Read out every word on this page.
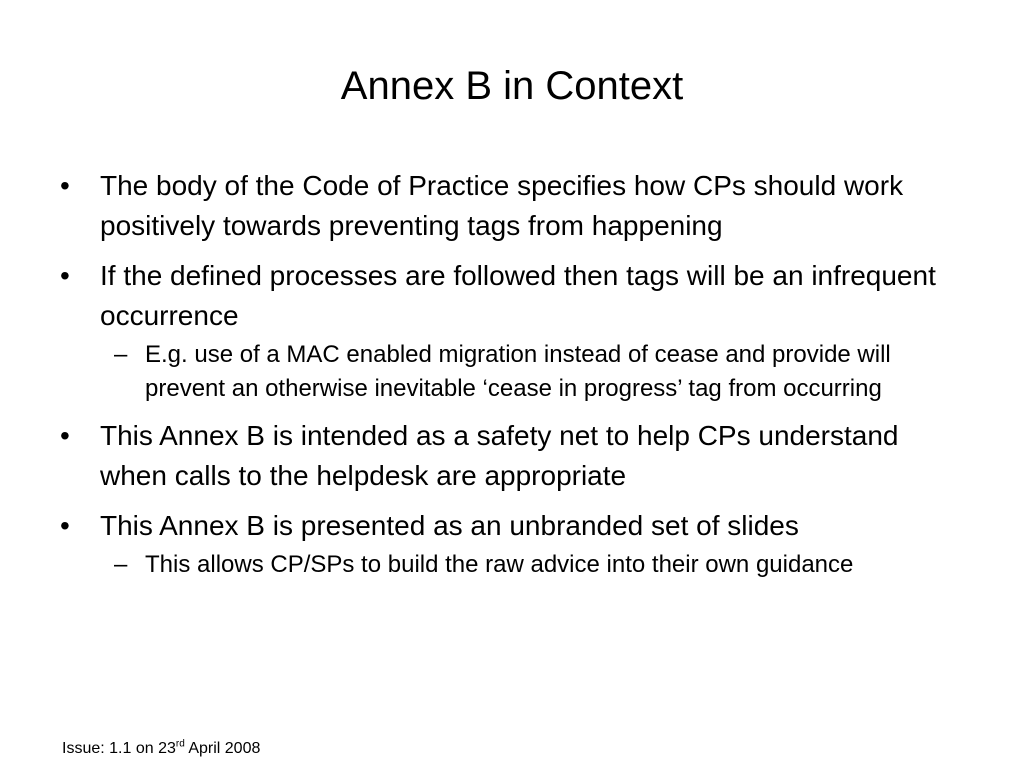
Annex B in Context
•	The body of the Code of Practice specifies how CPs should work positively towards preventing tags from happening
•	If the defined processes are followed then tags will be an infrequent occurrence
– E.g. use of a MAC enabled migration instead of cease and provide will prevent an otherwise inevitable ‘cease in progress’ tag from occurring
•	This Annex B is intended as a safety net to help CPs understand when calls to the helpdesk are appropriate
•	This Annex B is presented as an unbranded set of slides
– This allows CP/SPs to build the raw advice into their own guidance
Issue: 1.1 on 23rd April 2008
